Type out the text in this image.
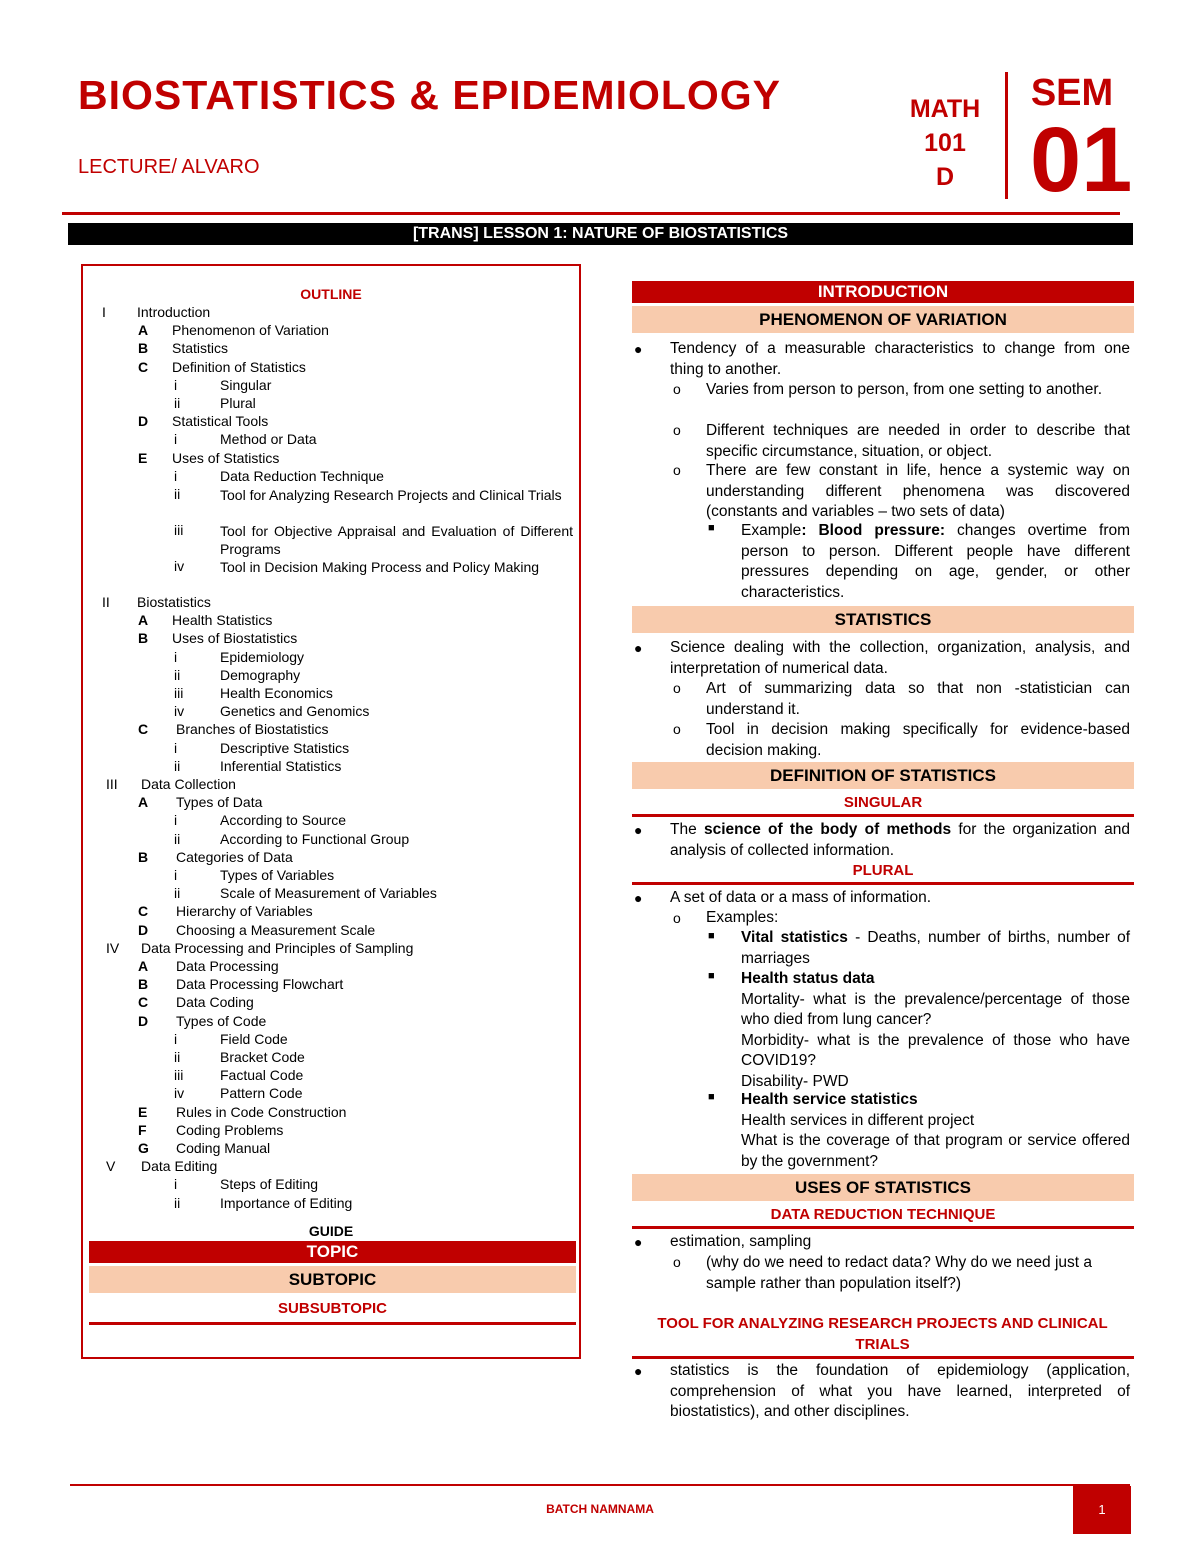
BIOSTATISTICS & EPIDEMIOLOGY
LECTURE/ ALVARO
MATH
101
D
SEM
01
[TRANS] LESSON 1: NATURE OF BIOSTATISTICS
OUTLINE
I Introduction
A Phenomenon of Variation
B Statistics
C Definition of Statistics
i	Singular
ii	Plural
D Statistical Tools
i	Method or Data
E Uses of Statistics
i	Data Reduction Technique
ii	Tool for Analyzing Research Projects and Clinical Trials
iii	Tool for Objective Appraisal and Evaluation of Different Programs
iv	Tool in Decision Making Process and Policy Making
II Biostatistics
A Health Statistics
B Uses of Biostatistics
i	Epidemiology
ii	Demography
iii	Health Economics
iv	Genetics and Genomics
C Branches of Biostatistics
i	Descriptive Statistics
ii	Inferential Statistics
III Data Collection
A Types of Data
i	According to Source
ii	According to Functional Group
B Categories of Data
i	Types of Variables
ii	Scale of Measurement of Variables
C Hierarchy of Variables
D Choosing a Measurement Scale
IV Data Processing and Principles of Sampling
A Data Processing
B Data Processing Flowchart
C Data Coding
D Types of Code
i	Field Code
ii	Bracket Code
iii	Factual Code
iv	Pattern Code
E Rules in Code Construction
F Coding Problems
G Coding Manual
V Data Editing
i	Steps of Editing
ii	Importance of Editing
GUIDE
TOPIC
SUBTOPIC
SUBSUBTOPIC
INTRODUCTION
PHENOMENON OF VARIATION
● Tendency of a measurable characteristics to change from one thing to another.
o Varies from person to person, from one setting to another.
o Different techniques are needed in order to describe that specific circumstance, situation, or object.
o There are few constant in life, hence a systemic way on understanding different phenomena was discovered (constants and variables – two sets of data)
■ Example: Blood pressure: changes overtime from person to person. Different people have different pressures depending on age, gender, or other characteristics.
STATISTICS
● Science dealing with the collection, organization, analysis, and interpretation of numerical data.
o Art of summarizing data so that non -statistician can understand it.
o Tool in decision making specifically for evidence-based decision making.
DEFINITION OF STATISTICS
SINGULAR
● The science of the body of methods for the organization and analysis of collected information.
PLURAL
● A set of data or a mass of information.
o Examples:
■ Vital statistics - Deaths, number of births, number of marriages
■ Health status data
Mortality- what is the prevalence/percentage of those who died from lung cancer?
Morbidity- what is the prevalence of those who have COVID19?
Disability- PWD
■ Health service statistics
Health services in different project
What is the coverage of that program or service offered by the government?
USES OF STATISTICS
DATA REDUCTION TECHNIQUE
● estimation, sampling
o (why do we need to redact data? Why do we need just a sample rather than population itself?)
TOOL FOR ANALYZING RESEARCH PROJECTS AND CLINICAL TRIALS
● statistics is the foundation of epidemiology (application, comprehension of what you have learned, interpreted of biostatistics), and other disciplines.
BATCH NAMNAMA	1
